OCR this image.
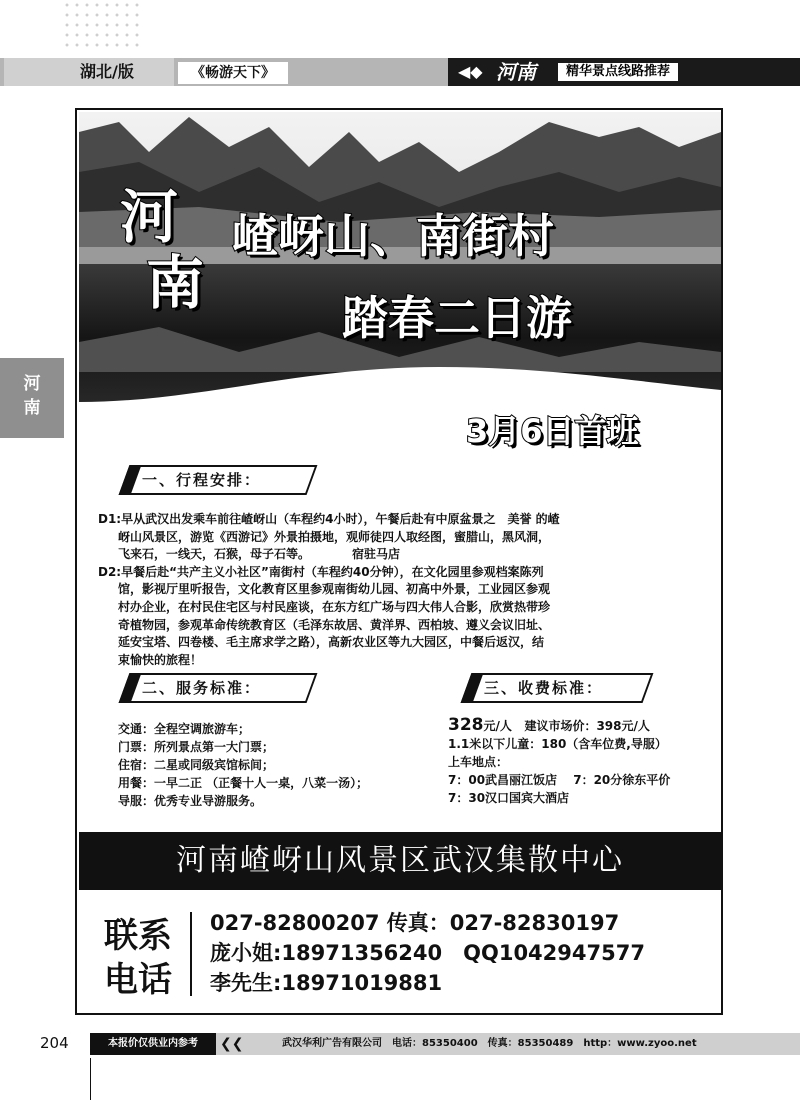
湖北/版	《畅游天下》	◀◆ 河南	精华景点线路推荐
河 南
河
南
嵖岈山、南街村
踏春二日游
3月6日首班
一、行程安排：

D1:早从武汉出发乘车前往嵖岈山（车程约4小时），午餐后赴有中原盆景之　美誉 的嵖

岈山风景区，游览《西游记》外景拍摄地，观师徒四人取经图，蜜腊山，黑风洞，

飞来石，一线天，石猴，母子石等。　　　　宿驻马店

D2:早餐后赴“共产主义小社区”南街村（车程约40分钟），在文化园里参观档案陈列

馆，影视厅里听报告，文化教育区里参观南街幼儿园、初高中外景，工业园区参观

村办企业，在村民住宅区与村民座谈，在东方红广场与四大伟人合影，欣赏热带珍

奇植物园，参观革命传统教育区（毛泽东故居、黄洋界、西柏坡、遵义会议旧址、

延安宝塔、四卷楼、毛主席求学之路），高新农业区等九大园区，中餐后返汉，结

束愉快的旅程！

二、服务标准：	三、收费标准：
交通：全程空调旅游车；
门票：所列景点第一大门票；
住宿：二星或同级宾馆标间；
用餐：一早二正 （正餐十人一桌，八菜一汤）；
导服：优秀专业导游服务。
328元/人 建议市场价：398元/人
1.1米以下儿童：180（含车位费,导服）
上车地点：
7：00武昌丽江饭店　 7：20分徐东平价
7：30汉口国宾大酒店
河南嵖岈山风景区武汉集散中心
联系
电话
027-82800207 传真：027-82830197
庞小姐:18971356240　QQ1042947577
李先生:18971019881
204	本报价仅供业内参考	❮❮	武汉华利广告有限公司　电话：85350400　传真：85350489　http：www.zyoo.net
